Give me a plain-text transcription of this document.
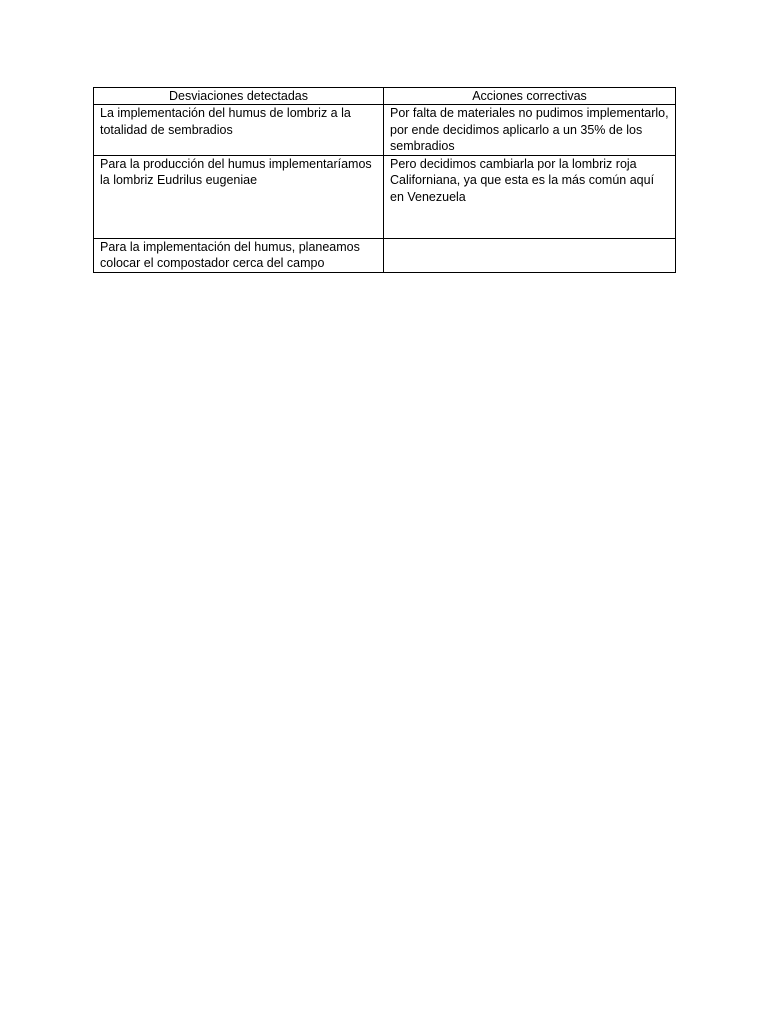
Desviaciones detectadas	Acciones correctivas
La implementación del humus de lombriz a la totalidad de sembradios	Por falta de materiales no pudimos implementarlo, por ende decidimos aplicarlo a un 35% de los sembradios
Para la producción del humus implementaríamos la lombriz Eudrilus eugeniae	Pero decidimos cambiarla por la lombriz roja Californiana, ya que esta es la más común aquí en Venezuela
Para la implementación del humus, planeamos colocar el compostador cerca del campo	
